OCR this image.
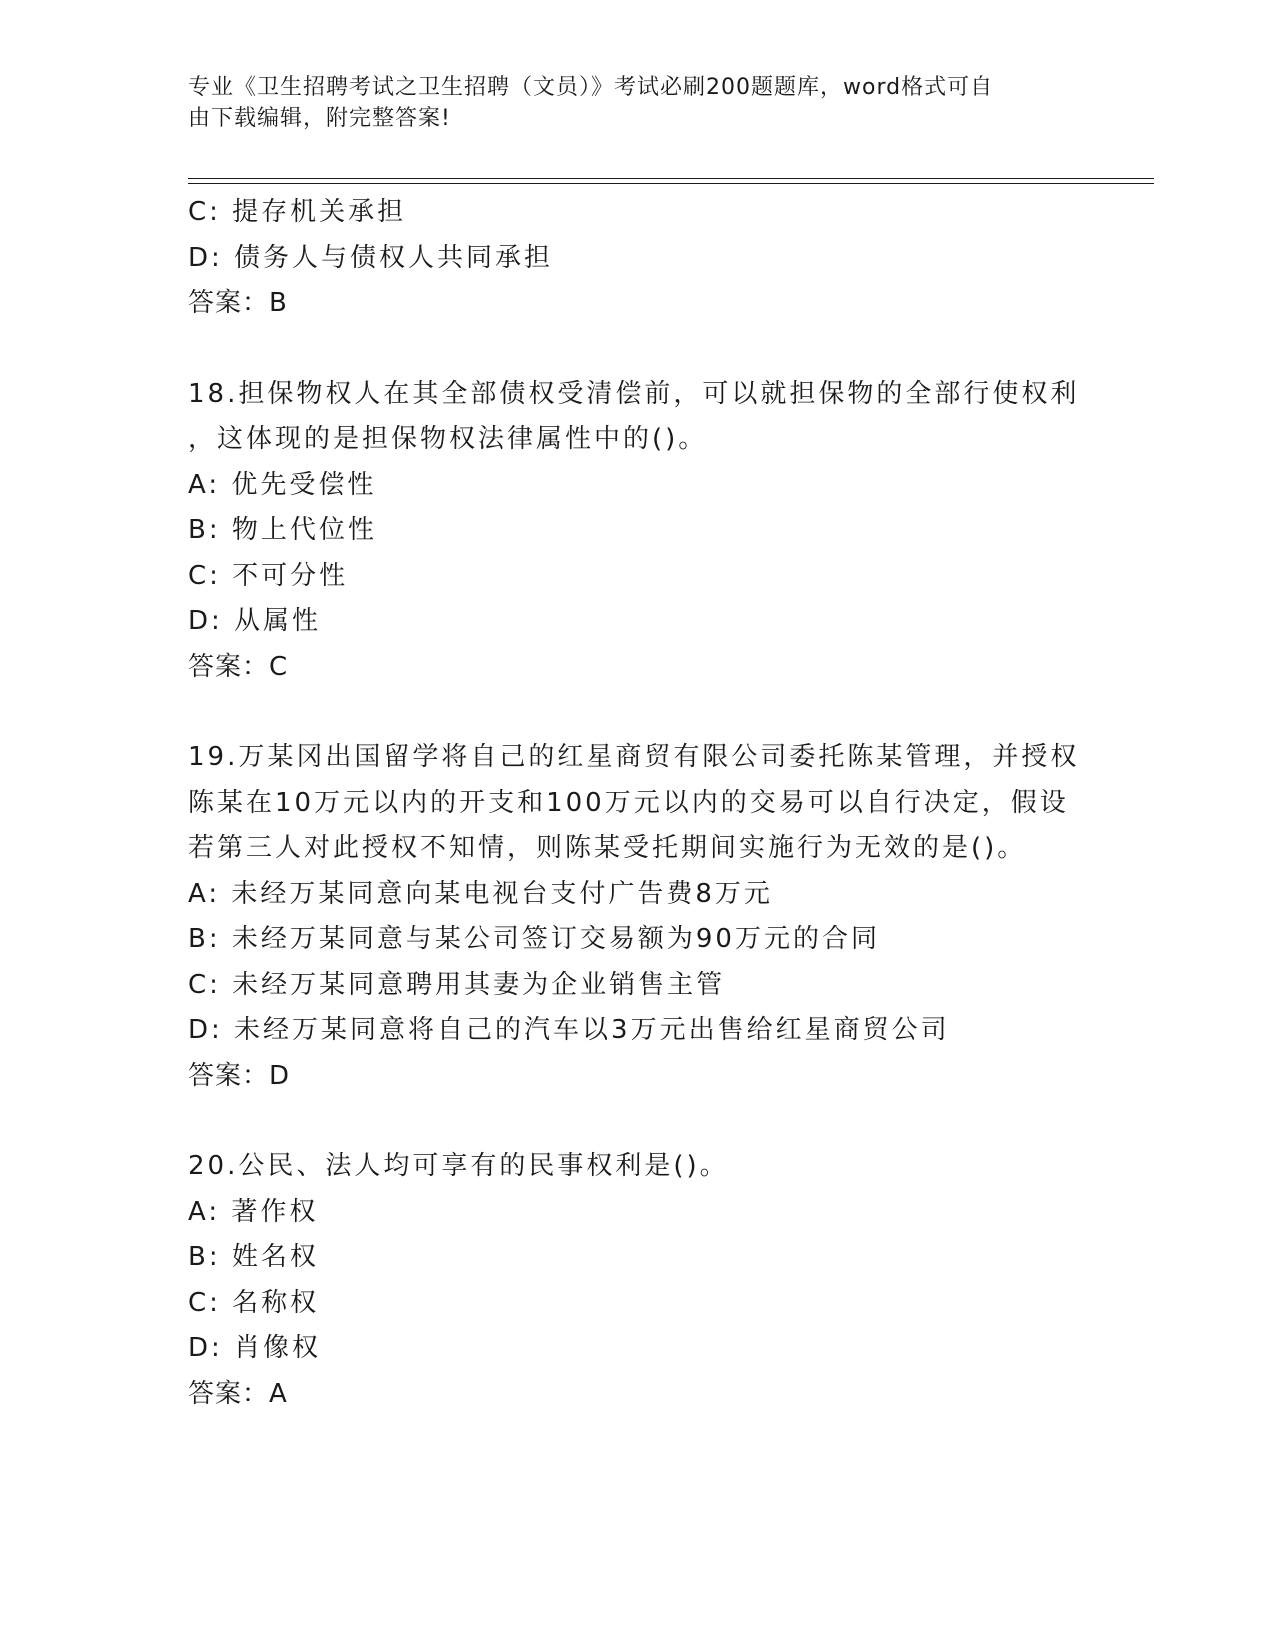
专业《卫生招聘考试之卫生招聘（文员）》考试必刷200题题库，word格式可自
由下载编辑，附完整答案!
C: 提存机关承担
D: 债务人与债权人共同承担
答案：B
18.担保物权人在其全部债权受清偿前，可以就担保物的全部行使权利
，这体现的是担保物权法律属性中的()。
A: 优先受偿性
B: 物上代位性
C: 不可分性
D: 从属性
答案：C
19.万某冈出国留学将自己的红星商贸有限公司委托陈某管理，并授权
陈某在10万元以内的开支和100万元以内的交易可以自行决定，假设
若第三人对此授权不知情，则陈某受托期间实施行为无效的是()。
A: 未经万某同意向某电视台支付广告费8万元
B: 未经万某同意与某公司签订交易额为90万元的合同
C: 未经万某同意聘用其妻为企业销售主管
D: 未经万某同意将自己的汽车以3万元出售给红星商贸公司
答案：D
20.公民、法人均可享有的民事权利是()。
A: 著作权
B: 姓名权
C: 名称权
D: 肖像权
答案：A
